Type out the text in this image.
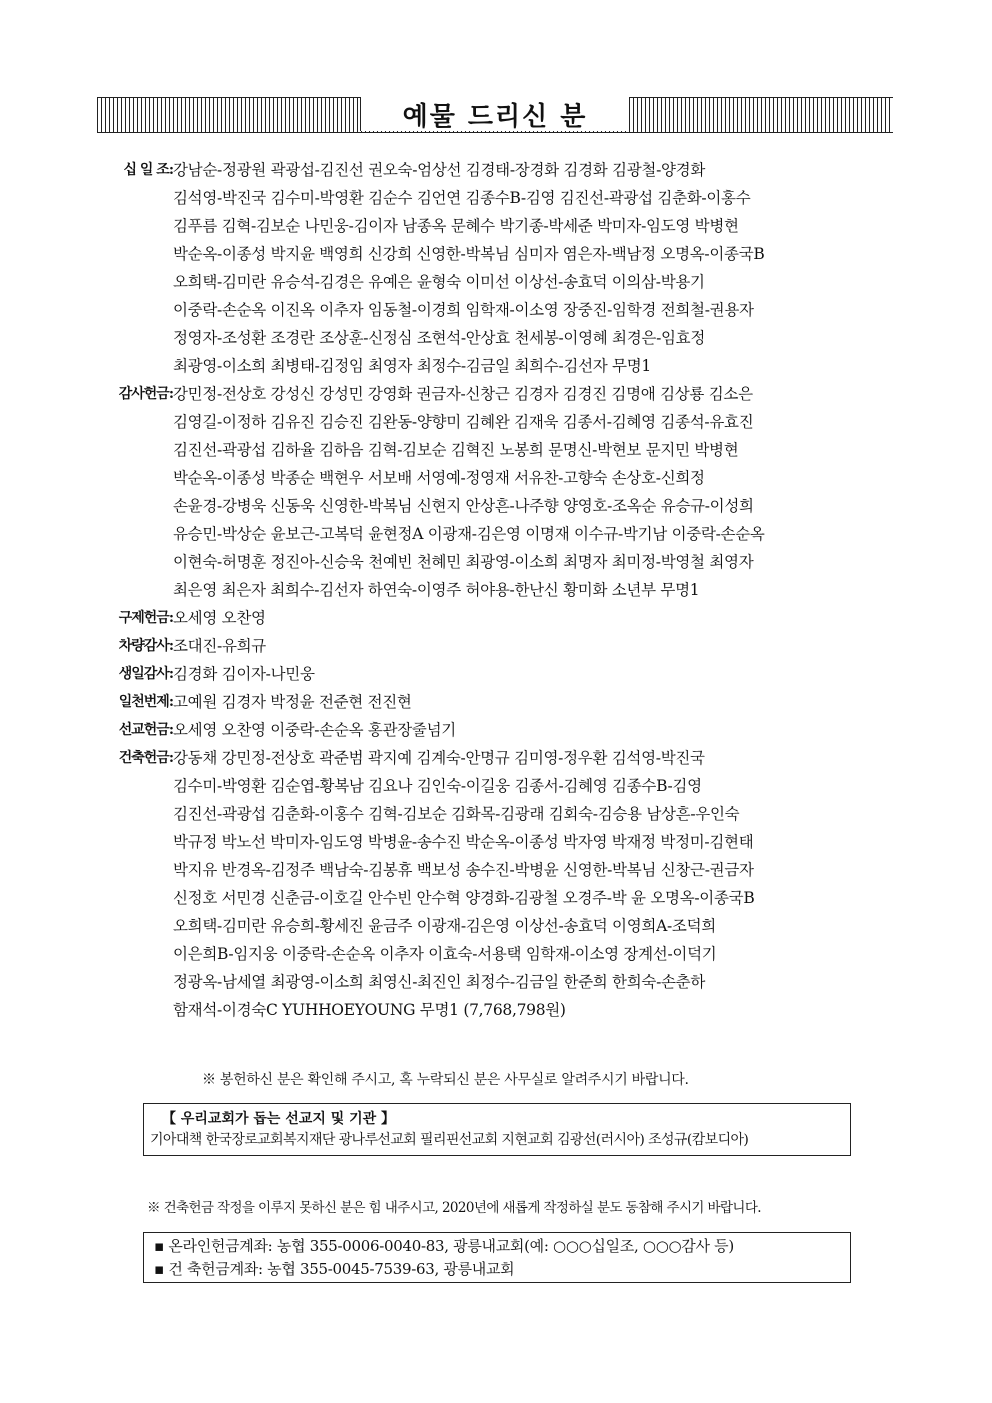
예물 드리신 분
십 일 조: 강남순-정광원 곽광섭-김진선 권오숙-엄상선 김경태-장경화 김경화 김광철-양경화
김석영-박진국 김수미-박영환 김순수 김언연 김종수B-김영 김진선-곽광섭 김춘화-이홍수
김푸름 김혁-김보순 나민웅-김이자 남종옥 문혜수 박기종-박세준 박미자-임도영 박병현
박순옥-이종성 박지윤 백영희 신강희 신영한-박복님 심미자 염은자-백남정 오명옥-이종국B
오희택-김미란 유승석-김경은 유예은 윤형숙 이미선 이상선-송효덕 이의삼-박용기
이중락-손순옥 이진옥 이추자 임동철-이경희 임학재-이소영 장중진-임학경 전희철-권용자
정영자-조성환 조경란 조상훈-신정심 조현석-안상효 천세봉-이영혜 최경은-임효정
최광영-이소희 최병태-김정임 최영자 최정수-김금일 최희수-김선자 무명1
감사헌금: 강민정-전상호 강성신 강성민 강영화 권금자-신창근 김경자 김경진 김명애 김상룡 김소은
김영길-이정하 김유진 김승진 김완동-양향미 김혜완 김재욱 김종서-김혜영 김종석-유효진
김진선-곽광섭 김하율 김하음 김혁-김보순 김혁진 노봉희 문명신-박현보 문지민 박병현
박순옥-이종성 박종순 백현우 서보배 서영예-정영재 서유찬-고향숙 손상호-신희정
손윤경-강병욱 신동욱 신영한-박복님 신현지 안상흔-나주향 양영호-조옥순 유승규-이성희
유승민-박상순 윤보근-고복덕 윤현정A 이광재-김은영 이명재 이수규-박기남 이중락-손순옥
이현숙-허명훈 정진아-신승욱 천예빈 천혜민 최광영-이소희 최명자 최미정-박영철 최영자
최은영 최은자 최희수-김선자 하연숙-이영주 허야용-한난신 황미화 소년부 무명1
구제헌금: 오세영 오찬영
차량감사: 조대진-유희규
생일감사: 김경화 김이자-나민웅
일천번제: 고예원 김경자 박정윤 전준현 전진현
선교헌금: 오세영 오찬영 이중락-손순옥 홍관장줄넘기
건축헌금: 강동채 강민정-전상호 곽준범 곽지예 김계숙-안명규 김미영-정우환 김석영-박진국
김수미-박영환 김순엽-황복남 김요나 김인숙-이길웅 김종서-김혜영 김종수B-김영
김진선-곽광섭 김춘화-이홍수 김혁-김보순 김화목-김광래 김회숙-김승용 남상흔-우인숙
박규정 박노선 박미자-임도영 박병윤-송수진 박순옥-이종성 박자영 박재정 박정미-김현태
박지유 반경옥-김정주 백남숙-김봉휴 백보성 송수진-박병윤 신영한-박복님 신창근-권금자
신정호 서민경 신춘금-이호길 안수빈 안수혁 양경화-김광철 오경주-박 윤 오명옥-이종국B
오희택-김미란 유승희-황세진 윤금주 이광재-김은영 이상선-송효덕 이영희A-조덕희
이은희B-임지웅 이중락-손순옥 이추자 이효숙-서용택 임학재-이소영 장계선-이덕기
정광옥-남세열 최광영-이소희 최영신-최진인 최정수-김금일 한준희 한희숙-손춘하
함재석-이경숙C YUHHOEYOUNG 무명1 (7,768,798원)
※ 봉헌하신 분은 확인해 주시고, 혹 누락되신 분은 사무실로 알려주시기 바랍니다.
【 우리교회가 돕는 선교지 및 기관 】
기아대책 한국장로교회복지재단 광나루선교회 필리핀선교회 지현교회 김광선(러시아) 조성규(캄보디아)
※ 건축헌금 작정을 이루지 못하신 분은 힘 내주시고, 2020년에 새롭게 작정하실 분도 동참해 주시기 바랍니다.
▪ 온라인헌금계좌: 농협 355-0006-0040-83, 광릉내교회(예: ○○○십일조, ○○○감사 등)
▪ 건 축헌금계좌: 농협 355-0045-7539-63, 광릉내교회
